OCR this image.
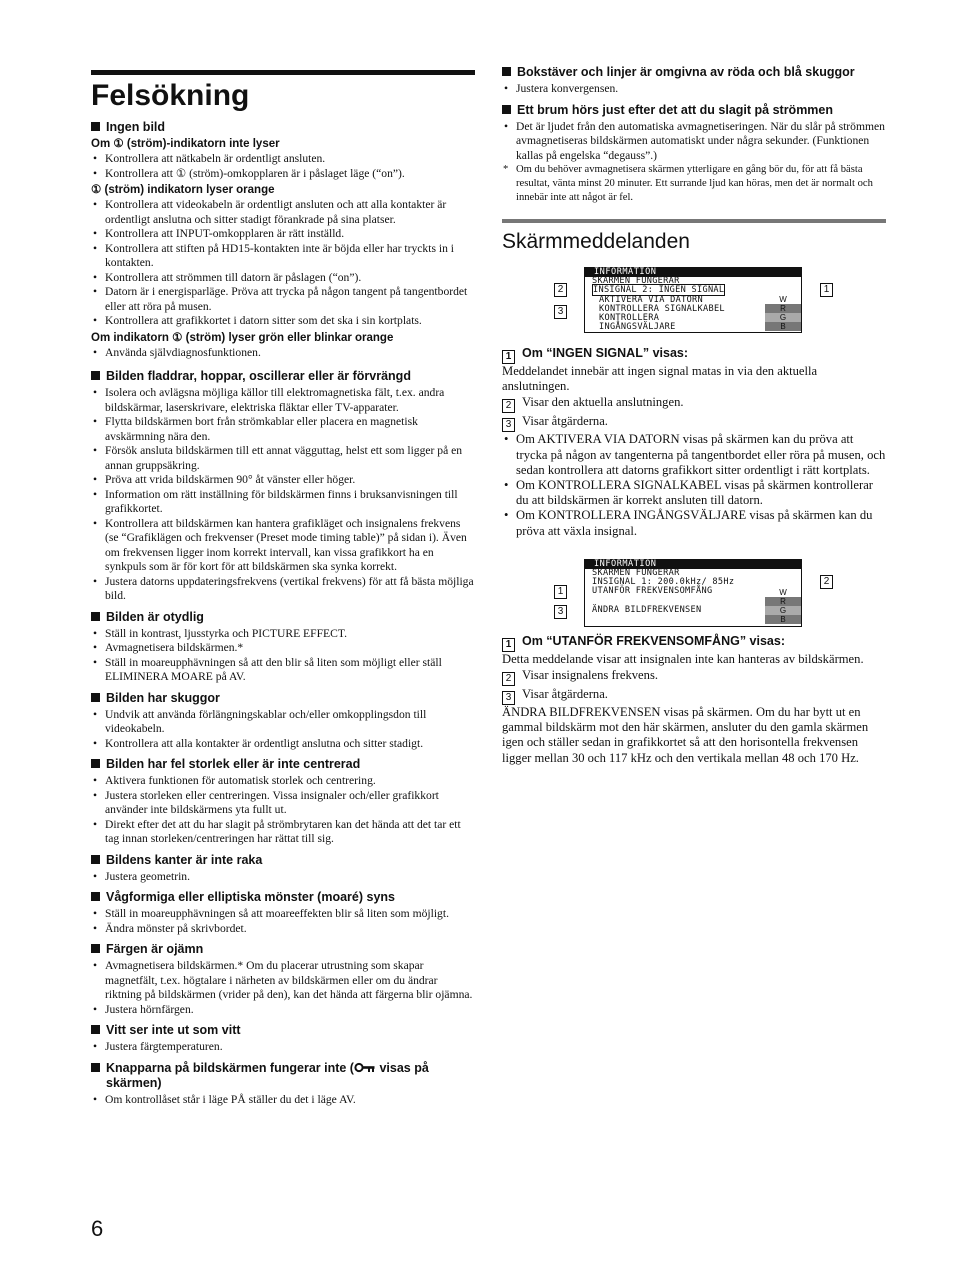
Felsökning
Ingen bild
Om ① (ström)-indikatorn inte lyser
• Kontrollera att nätkabeln är ordentligt ansluten.
• Kontrollera att ① (ström)-omkopplaren är i påslaget läge (“on”).
① (ström) indikatorn lyser orange
• Kontrollera att videokabeln är ordentligt ansluten och att alla kontakter är ordentligt anslutna och sitter stadigt förankrade på sina platser.
• Kontrollera att INPUT-omkopplaren är rätt inställd.
• Kontrollera att stiften på HD15-kontakten inte är böjda eller har tryckts in i kontakten.
• Kontrollera att strömmen till datorn är påslagen (“on”).
• Datorn är i energisparläge. Pröva att trycka på någon tangent på tangentbordet eller att röra på musen.
• Kontrollera att grafikkortet i datorn sitter som det ska i sin kortplats.
Om indikatorn ① (ström) lyser grön eller blinkar orange
• Använda självdiagnosfunktionen.
Bilden fladdrar, hoppar, oscillerar eller är förvrängd
• Isolera och avlägsna möjliga källor till elektromagnetiska fält, t.ex. andra bildskärmar, laserskrivare, elektriska fläktar eller TV-apparater.
• Flytta bildskärmen bort från strömkablar eller placera en magnetisk avskärmning nära den.
• Försök ansluta bildskärmen till ett annat vägguttag, helst ett som ligger på en annan gruppsäkring.
• Pröva att vrida bildskärmen 90° åt vänster eller höger.
• Information om rätt inställning för bildskärmen finns i bruksanvisningen till grafikkortet.
• Kontrollera att bildskärmen kan hantera grafikläget och insignalens frekvens (se “Grafiklägen och frekvenser (Preset mode timing table)” på sidan i). Även om frekvensen ligger inom korrekt intervall, kan vissa grafikkort ha en synkpuls som är för kort för att bildskärmen ska synka korrekt.
• Justera datorns uppdateringsfrekvens (vertikal frekvens) för att få bästa möjliga bild.
Bilden är otydlig
• Ställ in kontrast, ljusstyrka och PICTURE EFFECT.
• Avmagnetisera bildskärmen.*
• Ställ in moareupphävningen så att den blir så liten som möjligt eller ställ ELIMINERA MOARE på AV.
Bilden har skuggor
• Undvik att använda förlängningskablar och/eller omkopplingsdon till videokabeln.
• Kontrollera att alla kontakter är ordentligt anslutna och sitter stadigt.
Bilden har fel storlek eller är inte centrerad
• Aktivera funktionen för automatisk storlek och centrering.
• Justera storleken eller centreringen. Vissa insignaler och/eller grafikkort använder inte bildskärmens yta fullt ut.
• Direkt efter det att du har slagit på strömbrytaren kan det hända att det tar ett tag innan storleken/centreringen har rättat till sig.
Bildens kanter är inte raka
• Justera geometrin.
Vågformiga eller elliptiska mönster (moaré) syns
• Ställ in moareupphävningen så att moareeffekten blir så liten som möjligt.
• Ändra mönster på skrivbordet.
Färgen är ojämn
• Avmagnetisera bildskärmen.* Om du placerar utrustning som skapar magnetfält, t.ex. högtalare i närheten av bildskärmen eller om du ändrar riktning på bildskärmen (vrider på den), kan det hända att färgerna blir ojämna.
• Justera hörnfärgen.
Vitt ser inte ut som vitt
• Justera färgtemperaturen.
Knapparna på bildskärmen fungerar inte ( visas på skärmen)
• Om kontrollåset står i läge PÅ ställer du det i läge AV.
Bokstäver och linjer är omgivna av röda och blå skuggor
• Justera konvergensen.
Ett brum hörs just efter det att du slagit på strömmen
• Det är ljudet från den automatiska avmagnetiseringen. När du slår på strömmen avmagnetiseras bildskärmen automatiskt under några sekunder. (Funktionen kallas på engelska “degauss”.)
* Om du behöver avmagnetisera skärmen ytterligare en gång bör du, för att få bästa resultat, vänta minst 20 minuter. Ett surrande ljud kan höras, men det är normalt och innebär inte att något är fel.
Skärmmeddelanden
INFORMATION
SKÄRMEN FUNGERAR
INSIGNAL 2: INGEN SIGNAL
AKTIVERA VIA DATORN
KONTROLLERA SIGNALKABEL
KONTROLLERA
INGÅNGSVÄLJARE
W
R
G
B
2
3
1
1 Om “INGEN SIGNAL” visas:

Meddelandet innebär att ingen signal matas in via den aktuella anslutningen.

2 Visar den aktuella anslutningen.
3 Visar åtgärderna.
• Om AKTIVERA VIA DATORN visas på skärmen kan du pröva att trycka på någon av tangenterna på tangentbordet eller röra på musen, och sedan kontrollera att datorns grafikkort sitter ordentligt i rätt kortplats.
• Om KONTROLLERA SIGNALKABEL visas på skärmen kontrollerar du att bildskärmen är korrekt ansluten till datorn.
• Om KONTROLLERA INGÅNGSVÄLJARE visas på skärmen kan du pröva att växla insignal.
INFORMATION
SKÄRMEN FUNGERAR
INSIGNAL 1: 200.0kHz/ 85Hz
UTANFÖR FREKVENSOMFÅNG
ÄNDRA BILDFREKVENSEN
W
R
G
B
1
3
2
1 Om “UTANFÖR FREKVENSOMFÅNG” visas:

Detta meddelande visar att insignalen inte kan hanteras av bildskärmen.

2 Visar insignalens frekvens.
3 Visar åtgärderna.

ÄNDRA BILDFREKVENSEN visas på skärmen. Om du har bytt ut en gammal bildskärm mot den här skärmen, ansluter du den gamla skärmen igen och ställer sedan in grafikkortet så att den horisontella frekvensen ligger mellan 30 och 117 kHz och den vertikala mellan 48 och 170 Hz.

6
